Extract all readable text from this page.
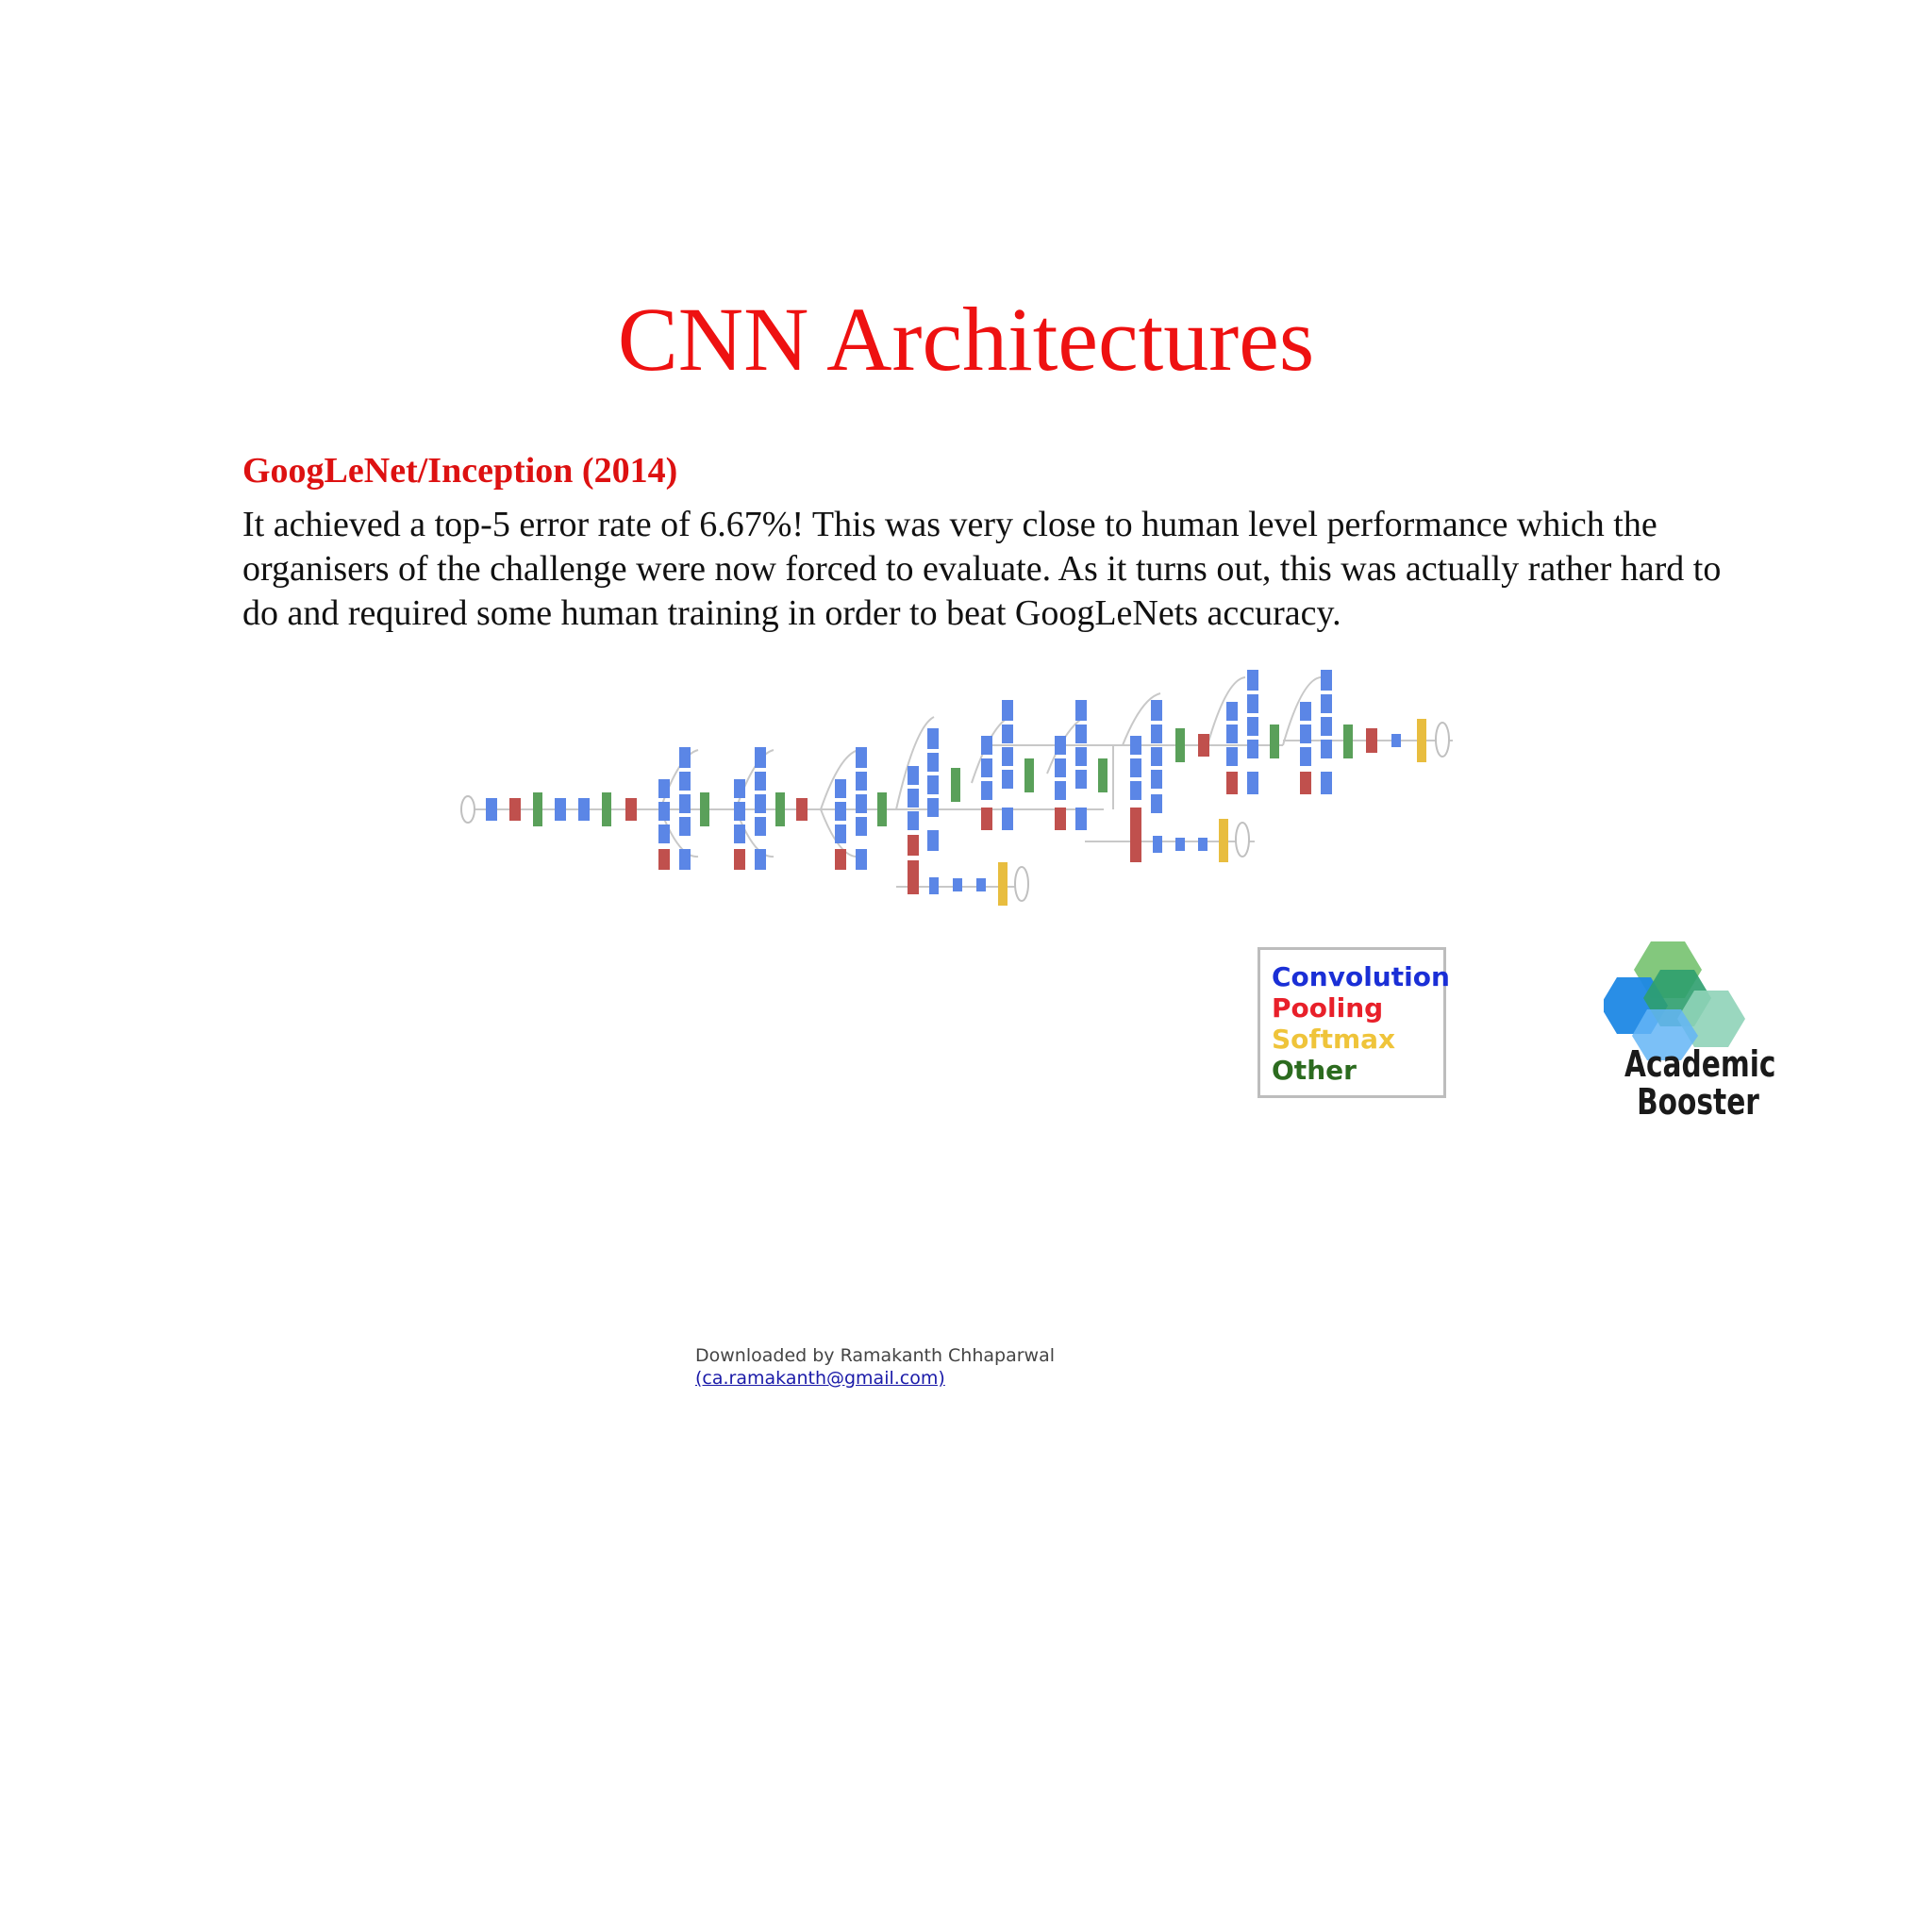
CNN Architectures
GoogLeNet/Inception (2014)
It achieved a top-5 error rate of 6.67%! This was very close to human level performance which the organisers of the challenge were now forced to evaluate. As it turns out, this was actually rather hard to do and required some human training in order to beat GoogLeNets accuracy.
Convolution
Pooling
Softmax
Other	Academic
Booster
Downloaded by Ramakanth Chhaparwal
(ca.ramakanth@gmail.com)
